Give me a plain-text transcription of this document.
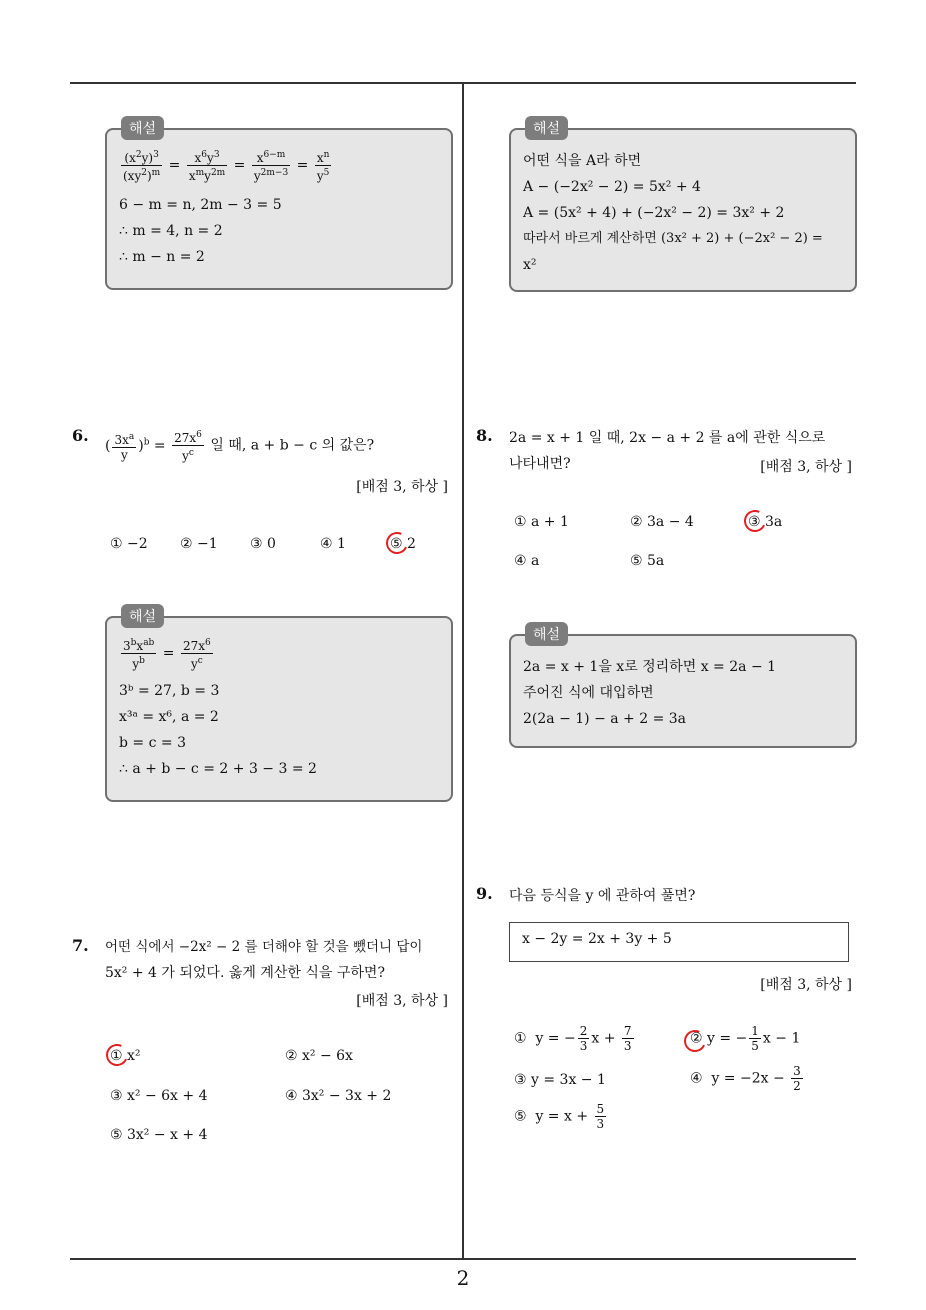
2
해설
$\frac{(x^2y)^3}{(xy^2)^m} = \frac{x^6y^3}{x^my^{2m}} = \frac{x^{6-m}}{y^{2m-3}} = \frac{x^n}{y^5}$
6 − m = n, 2m − 3 = 5
∴ m = 4, n = 2
∴ m − n = 2
해설
어떤 식을 A라 하면
A − (−2x² − 2) = 5x² + 4
A = (5x² + 4) + (−2x² − 2) = 3x² + 2
따라서 바르게 계산하면 (3x² + 2) + (−2x² − 2) =
x²
6.
( $\frac{3x^a}{y} )^b = \frac{27x^6}{y^c}$ 일 때, a + b − c 의 값은?
[배점 3, 하상 ]
① −2 ② −1 ③ 0	④ 1	⑤ 2
해설
$\frac{3^bx^{ab}}{y^b} = \frac{27x^6}{y^c}$
3ᵇ = 27, b = 3
x³ᵃ = x⁶, a = 2
b = c = 3
∴ a + b − c = 2 + 3 − 3 = 2
8. 2a = x + 1 일 때, 2x − a + 2 를 a에 관한 식으로
나타내면?	[배점 3, 하상 ]
① a + 1	② 3a − 4	③ 3a
④ a	⑤ 5a
해설
2a = x + 1을 x로 정리하면 x = 2a − 1
주어진 식에 대입하면
2(2a − 1) − a + 2 = 3a
9. 다음 등식을 y 에 관하여 풀면?
x − 2y = 2x + 3y + 5
[배점 3, 하상 ]
①  y = − $\frac{2}{3}$ $x + \frac{7}{3}$	② y = − $\frac{1}{5}$ x − 1
③ y = 3x − 1	④  $y = -2x - \frac{3}{2}$
⑤  $y = x + \frac{5}{3}$
7. 어떤 식에서 −2x² − 2 를 더해야 할 것을 뺐더니 답이
5x² + 4 가 되었다. 옳게 계산한 식을 구하면?
[배점 3, 하상 ]
① x²	② x² − 6x
③ x² − 6x + 4	④ 3x² − 3x + 2
⑤ 3x² − x + 4
